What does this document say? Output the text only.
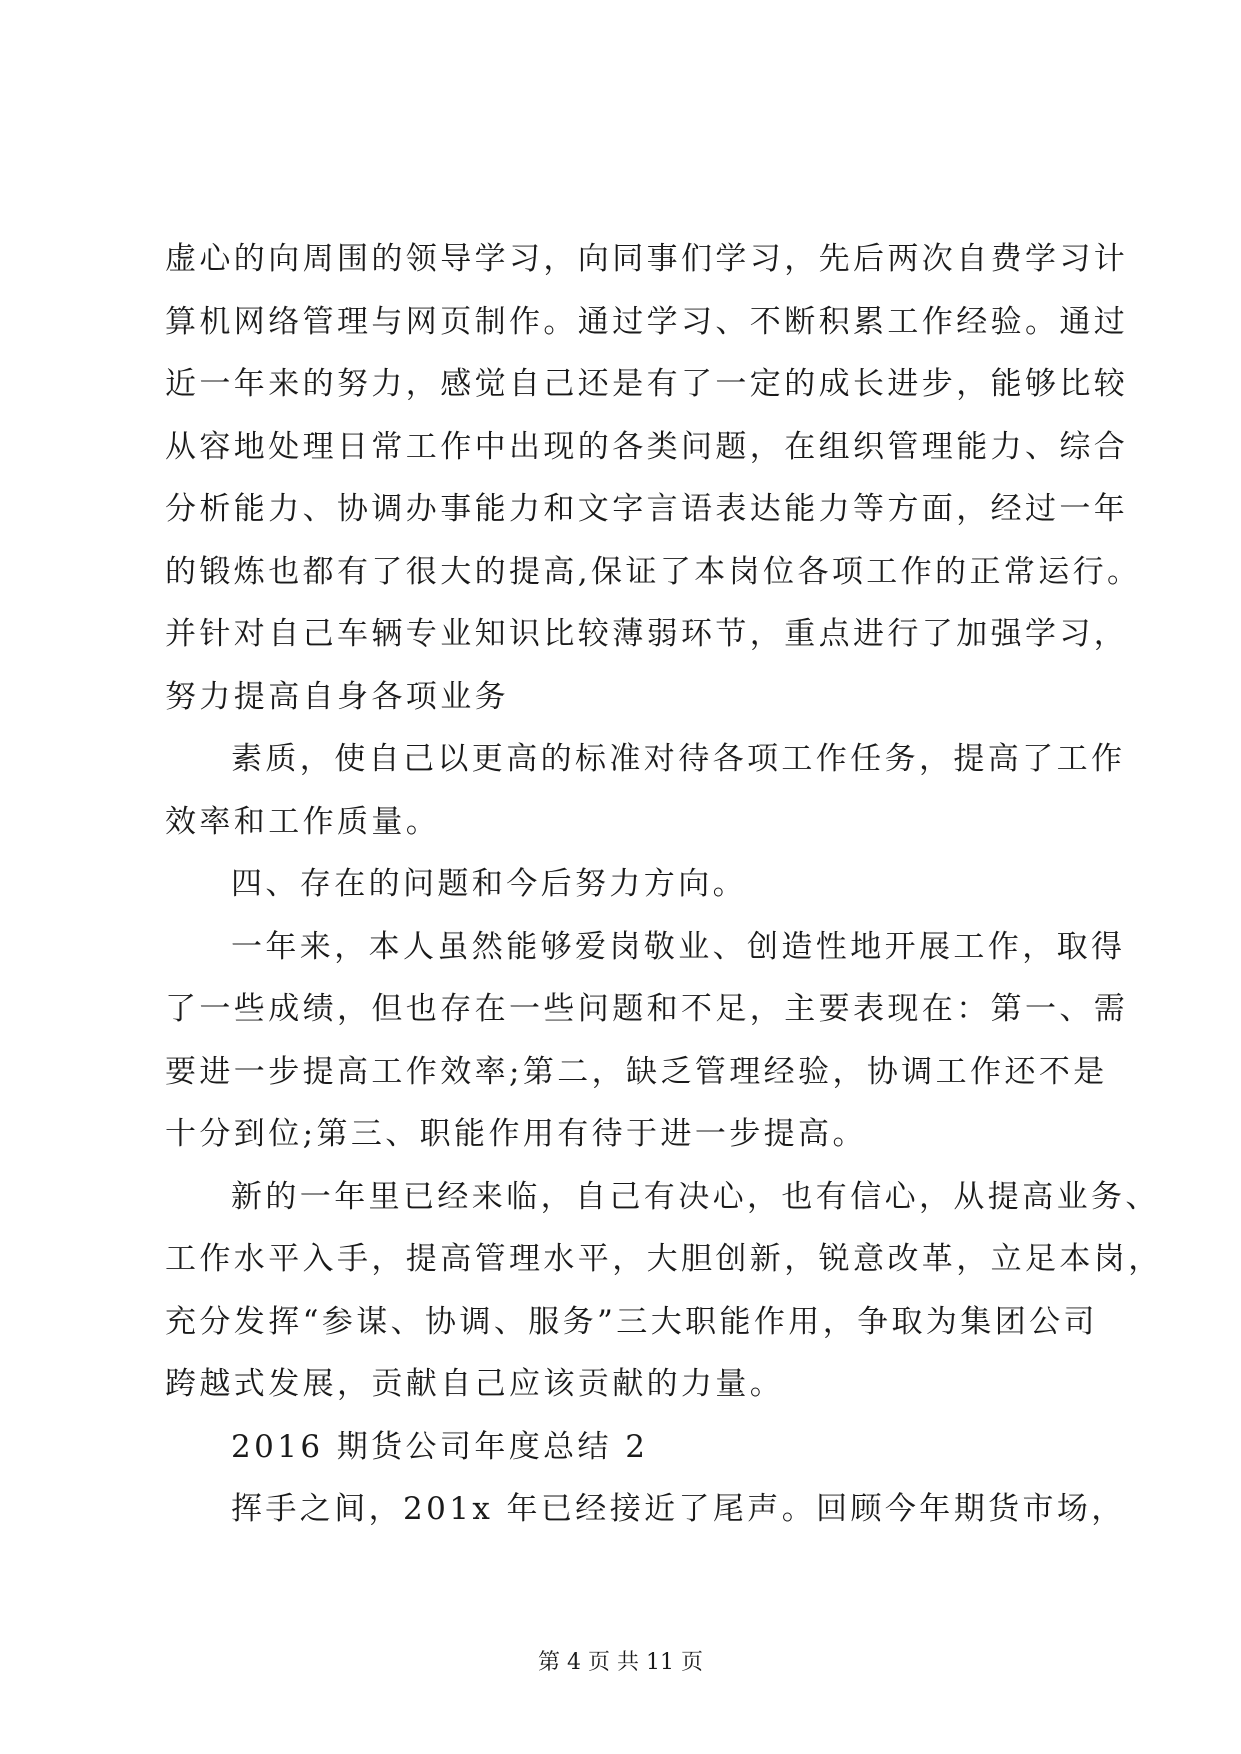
虚心的向周围的领导学习，向同事们学习，先后两次自费学习计
算机网络管理与网页制作。通过学习、不断积累工作经验。通过
近一年来的努力，感觉自己还是有了一定的成长进步，能够比较
从容地处理日常工作中出现的各类问题，在组织管理能力、综合
分析能力、协调办事能力和文字言语表达能力等方面，经过一年
的锻炼也都有了很大的提高,保证了本岗位各项工作的正常运行。
并针对自己车辆专业知识比较薄弱环节，重点进行了加强学习，
努力提高自身各项业务
素质，使自己以更高的标准对待各项工作任务，提高了工作
效率和工作质量。
四、存在的问题和今后努力方向。
一年来，本人虽然能够爱岗敬业、创造性地开展工作，取得
了一些成绩，但也存在一些问题和不足，主要表现在：第一、需
要进一步提高工作效率;第二，缺乏管理经验，协调工作还不是
十分到位;第三、职能作用有待于进一步提高。
新的一年里已经来临，自己有决心，也有信心，从提高业务、
工作水平入手，提高管理水平，大胆创新，锐意改革，立足本岗，
充分发挥“参谋、协调、服务”三大职能作用，争取为集团公司
跨越式发展，贡献自己应该贡献的力量。
2016 期货公司年度总结 2
挥手之间，201x 年已经接近了尾声。回顾今年期货市场，
第 4 页 共 11 页
